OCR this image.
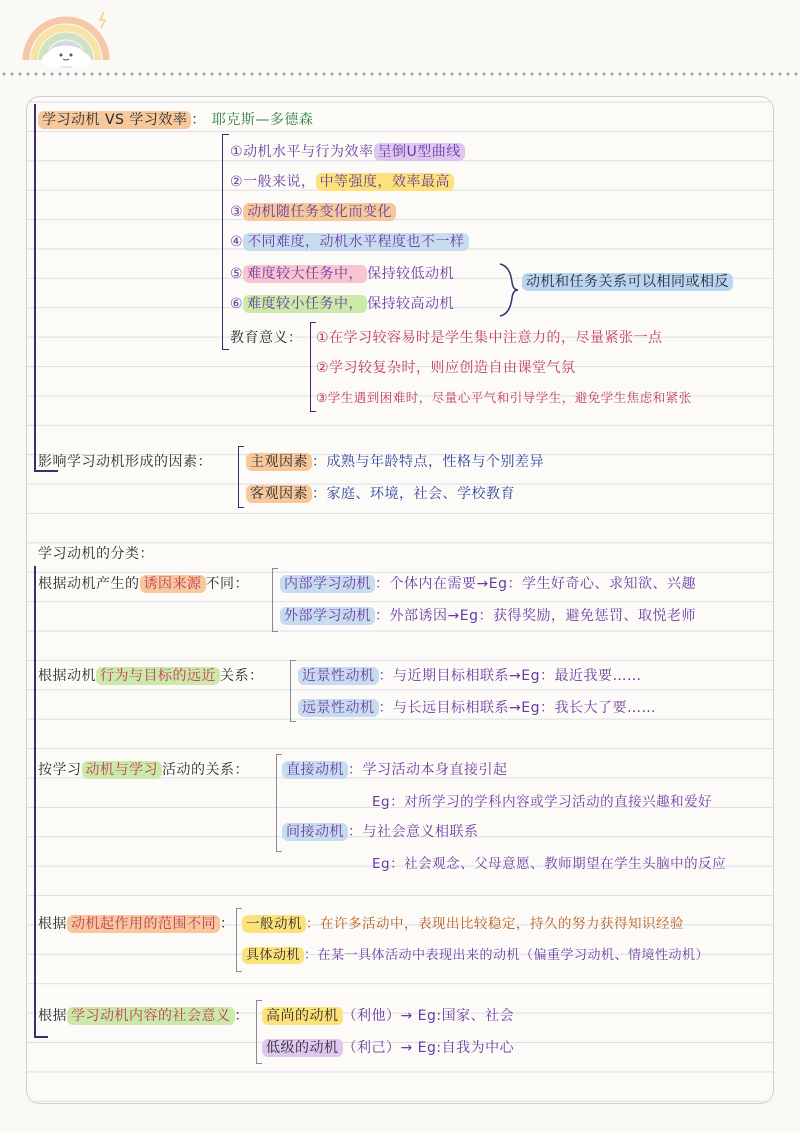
学习动机 VS 学习效率 ： 耶克斯—多德森
①动机水平与行为效率 呈倒U型曲线
②一般来说， 中等强度，效率最高
③ 动机随任务变化而变化
④ 不同难度，动机水平程度也不一样
⑤ 难度较大任务中， 保持较低动机
⑥ 难度较小任务中， 保持较高动机
动机和任务关系可以相同或相反
教育意义： ①在学习较容易时是学生集中注意力的，尽量紧张一点
②学习较复杂时，则应创造自由课堂气氛
③学生遇到困难时，尽量心平气和引导学生，避免学生焦虑和紧张
影响学习动机形成的因素：	主观因素 ：成熟与年龄特点，性格与个别差异
客观因素 ：家庭、环境，社会、学校教育
学习动机的分类：
根据动机产生的 诱因来源 不同：	内部学习动机 ：个体内在需要→Eg：学生好奇心、求知欲、兴趣
外部学习动机 ：外部诱因→Eg：获得奖励，避免惩罚、取悦老师
根据动机 行为与目标的远近 关系：	近景性动机 ：与近期目标相联系→Eg：最近我要……
远景性动机 ：与长远目标相联系→Eg：我长大了要……
按学习 动机与学习 活动的关系：	直接动机 ：学习活动本身直接引起
Eg：对所学习的学科内容或学习活动的直接兴趣和爱好
间接动机 ：与社会意义相联系
Eg：社会观念、父母意愿、教师期望在学生头脑中的反应
根据 动机起作用的范围不同 ： 一般动机 ：在许多活动中，表现出比较稳定，持久的努力获得知识经验
具体动机 ：在某一具体活动中表现出来的动机（偏重学习动机、情境性动机）
根据 学习动机内容的社会意义 ： 高尚的动机 （利他）→ Eg:国家、社会
低级的动机 （利己）→ Eg:自我为中心
